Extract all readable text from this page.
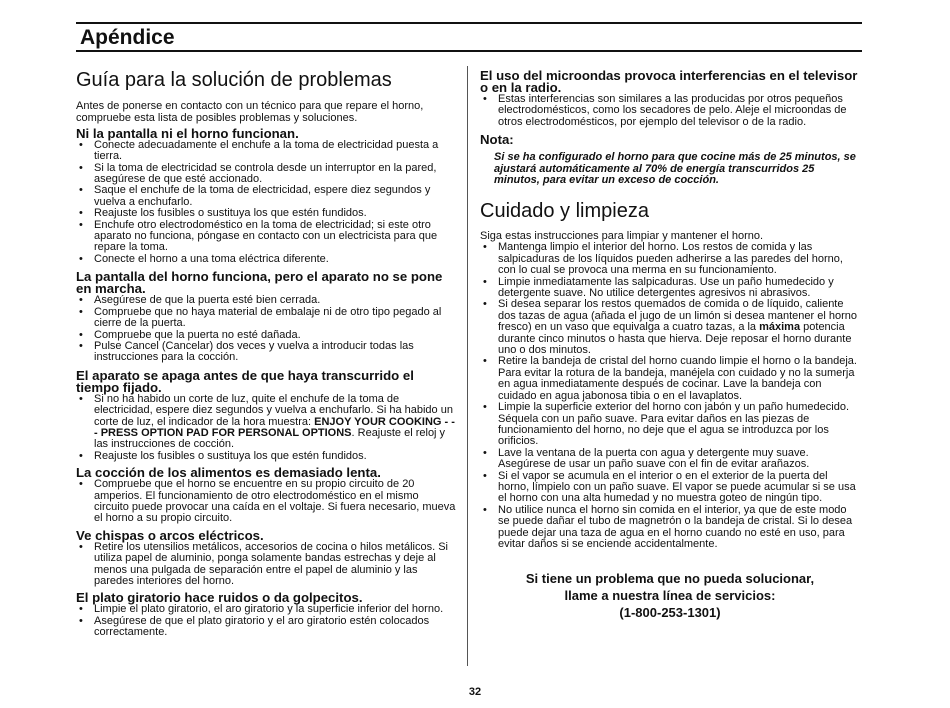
Apéndice
Guía para la solución de problemas

Antes de ponerse en contacto con un técnico para que repare el horno, compruebe esta lista de posibles problemas y soluciones.

Ni la pantalla ni el horno funcionan.
• Conecte adecuadamente el enchufe a la toma de electricidad puesta a tierra.
• Si la toma de electricidad se controla desde un interruptor en la pared, asegúrese de que esté accionado.
• Saque el enchufe de la toma de electricidad, espere diez segundos y vuelva a enchufarlo.
• Reajuste los fusibles o sustituya los que estén fundidos.
• Enchufe otro electrodoméstico en la toma de electricidad; si este otro aparato no funciona, póngase en contacto con un electricista para que repare la toma.
• Conecte el horno a una toma eléctrica diferente.
La pantalla del horno funciona, pero el aparato no se pone en marcha.
• Asegúrese de que la puerta esté bien cerrada.
• Compruebe que no haya material de embalaje ni de otro tipo pegado al cierre de la puerta.
• Compruebe que la puerta no esté dañada.
• Pulse Cancel (Cancelar) dos veces y vuelva a introducir todas las instrucciones para la cocción.
El aparato se apaga antes de que haya transcurrido el tiempo fijado.
• Si no ha habido un corte de luz, quite el enchufe de la toma de electricidad, espere diez segundos y vuelva a enchufarlo. Si ha habido un corte de luz, el indicador de la hora muestra: ENJOY YOUR COOKING - - - PRESS OPTION PAD FOR PERSONAL OPTIONS. Reajuste el reloj y las instrucciones de cocción.
• Reajuste los fusibles o sustituya los que estén fundidos.
La cocción de los alimentos es demasiado lenta.
• Compruebe que el horno se encuentre en su propio circuito de 20 amperios. El funcionamiento de otro electrodoméstico en el mismo circuito puede provocar una caída en el voltaje. Si fuera necesario, mueva el horno a su propio circuito.
Ve chispas o arcos eléctricos.
• Retire los utensilios metálicos, accesorios de cocina o hilos metálicos. Si utiliza papel de aluminio, ponga solamente bandas estrechas y deje al menos una pulgada de separación entre el papel de aluminio y las paredes interiores del horno.
El plato giratorio hace ruidos o da golpecitos.
• Limpie el plato giratorio, el aro giratorio y la superficie inferior del horno.
• Asegúrese de que el plato giratorio y el aro giratorio estén colocados correctamente.
El uso del microondas provoca interferencias en el televisor o en la radio.
• Estas interferencias son similares a las producidas por otros pequeños electrodomésticos, como los secadores de pelo. Aleje el microondas de otros electrodomésticos, por ejemplo del televisor o de la radio.
Nota:

Si se ha configurado el horno para que cocine más de 25 minutos, se ajustará automáticamente al 70% de energía transcurridos 25 minutos, para evitar un exceso de cocción.

Cuidado y limpieza

Siga estas instrucciones para limpiar y mantener el horno.

• Mantenga limpio el interior del horno. Los restos de comida y las salpicaduras de los líquidos pueden adherirse a las paredes del horno, con lo cual se provoca una merma en su funcionamiento.
• Limpie inmediatamente las salpicaduras. Use un paño humedecido y detergente suave. No utilice detergentes agresivos ni abrasivos.
• Si desea separar los restos quemados de comida o de líquido, caliente dos tazas de agua (añada el jugo de un limón si desea mantener el horno fresco) en un vaso que equivalga a cuatro tazas, a la máxima potencia durante cinco minutos o hasta que hierva. Deje reposar el horno durante uno o dos minutos.
• Retire la bandeja de cristal del horno cuando limpie el horno o la bandeja. Para evitar la rotura de la bandeja, manéjela con cuidado y no la sumerja en agua inmediatamente después de cocinar. Lave la bandeja con cuidado en agua jabonosa tibia o en el lavaplatos.
• Limpie la superficie exterior del horno con jabón y un paño humedecido. Séquela con un paño suave. Para evitar daños en las piezas de funcionamiento del horno, no deje que el agua se introduzca por los orificios.
• Lave la ventana de la puerta con agua y detergente muy suave. Asegúrese de usar un paño suave con el fin de evitar arañazos.
• Si el vapor se acumula en el interior o en el exterior de la puerta del horno, límpielo con un paño suave. El vapor se puede acumular si se usa el horno con una alta humedad y no muestra goteo de ningún tipo.
• No utilice nunca el horno sin comida en el interior, ya que de este modo se puede dañar el tubo de magnetrón o la bandeja de cristal. Si lo desea puede dejar una taza de agua en el horno cuando no esté en uso, para evitar daños si se enciende accidentalmente.
Si tiene un problema que no pueda solucionar,
llame a nuestra línea de servicios:
(1-800-253-1301)
32
